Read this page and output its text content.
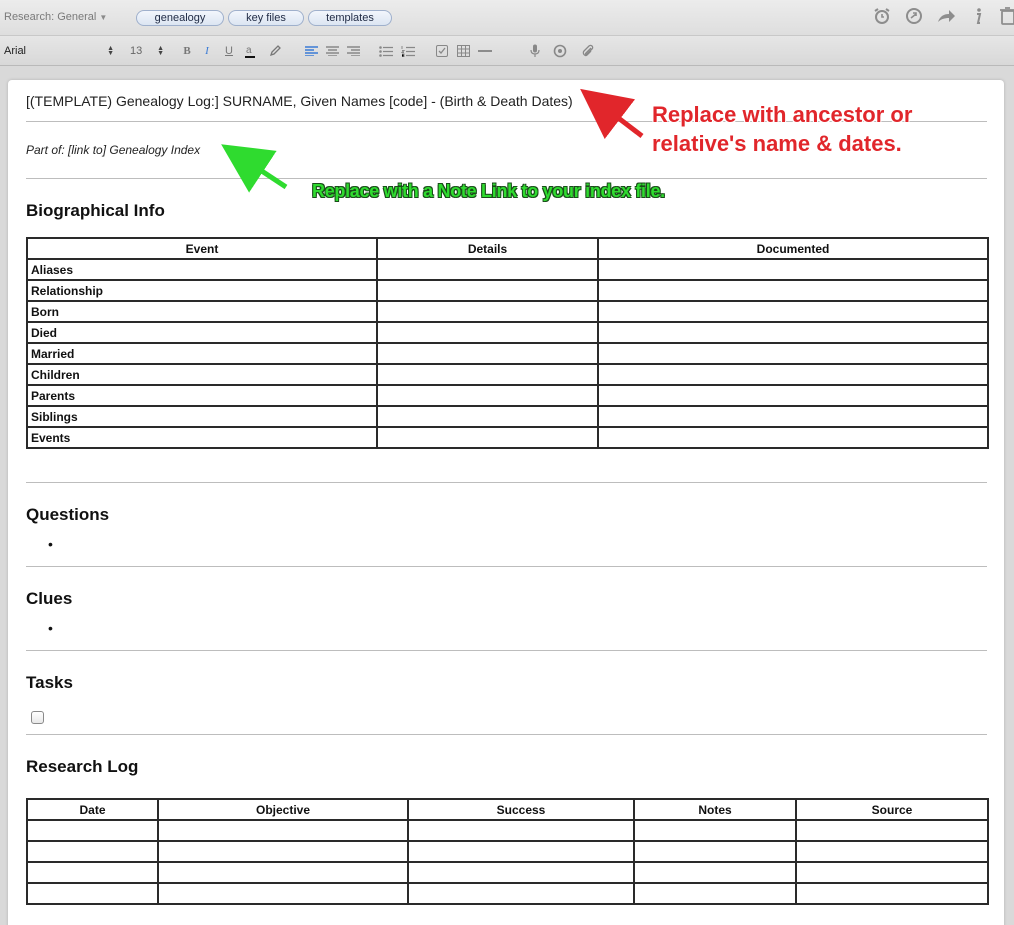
Research: General ▼	genealogy	key files	templates
Arial	▲
▼ 13 ▲
▼	B	I	U	a
[(TEMPLATE) Genealogy Log:] SURNAME, Given Names [code] - (Birth & Death Dates)
Part of: [link to] Genealogy Index
Biographical Info
Event	Details	Documented
Aliases		
Relationship		
Born		
Died		
Married		
Children		
Parents		
Siblings		
Events		
Questions
•
Clues
•
Tasks
Research Log
Date	Objective	Success	Notes	Source

Replace with ancestor or
relative's name & dates.
Replace with a Note Link to your index file.
